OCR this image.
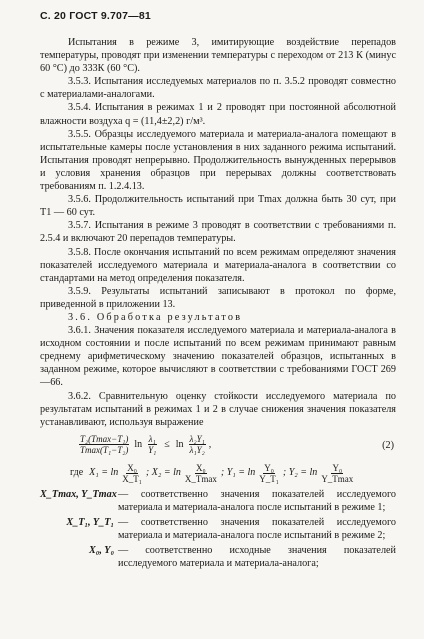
С. 20 ГОСТ 9.707—81

Испытания в режиме 3, имитирующие воздействие перепадов температуры, проводят при изменении температуры с переходом от 213 К (минус 60 °С) до 333К (60 °С).

3.5.3. Испытания исследуемых материалов по п. 3.5.2 проводят совместно с материалами-аналогами.

3.5.4. Испытания в режимах 1 и 2 проводят при постоянной абсолютной влажности воздуха q = (11,4±2,2) г/м³.

3.5.5. Образцы исследуемого материала и материала-аналога помещают в испытательные камеры после установления в них заданного режима испытаний. Испытания проводят непрерывно. Продолжительность вынужденных перерывов и условия хранения образцов при перерывах должны соответствовать требованиям п. 1.2.4.13.

3.5.6. Продолжительность испытаний при Tmax должна быть 30 сут, при T1 — 60 сут.

3.5.7. Испытания в режиме 3 проводят в соответствии с требованиями п. 2.5.4 и включают 20 перепадов температуры.

3.5.8. После окончания испытаний по всем режимам определяют значения показателей исследуемого материала и материала-аналога в соответствии со стандартами на метод определения показателя.

3.5.9. Результаты испытаний записывают в протокол по форме, приведенной в приложении 13.

3.6. Обработка результатов

3.6.1. Значения показателя исследуемого материала и материала-аналога в исходном состоянии и после испытаний по всем режимам принимают равным среднему арифметическому значению показателей образцов, испытанных в заданном режиме, которое вычисляют в соответствии с требованиями ГОСТ 269—66.

3.6.2. Сравнительную оценку стойкости исследуемого материала по результатам испытаний в режимах 1 и 2 в случае снижения значения показателя устанавливают, используя выражение

$\frac{\text{T₂(Tmax−T₁)}}{\text{Tmax(T₁−T₂)}}$ $\ln \frac{\text{λ₁}}{\text{Y₁}} \le \ln \frac{\text{λ₂Y₁}}{\text{λ₁Y₂}}$ ,	(2)
где $X_1 = \ln \frac{\text{X₀}}{\text{X\_T₁}}$ ; $X_2 = \ln \frac{\text{X₀}}{X\_Tmax}$ ; $Y_1 = \ln \frac{\text{Y₀}}{\text{Y\_T₁}}$ ; $Y_2 = \ln \frac{\text{Y₀}}{Y\_Tmax}$
X_Tmax, Y_Tmax — соответственно значения показателей исследуемого материала и материала-аналога после испытаний в режиме 1;
X_T₁, Y_T₁ — соответственно значения показателей исследуемого материала и материала-аналога после испытаний в режиме 2;
X₀, Y₀ — соответственно исходные значения показателей исследуемого материала и материала-аналога;
